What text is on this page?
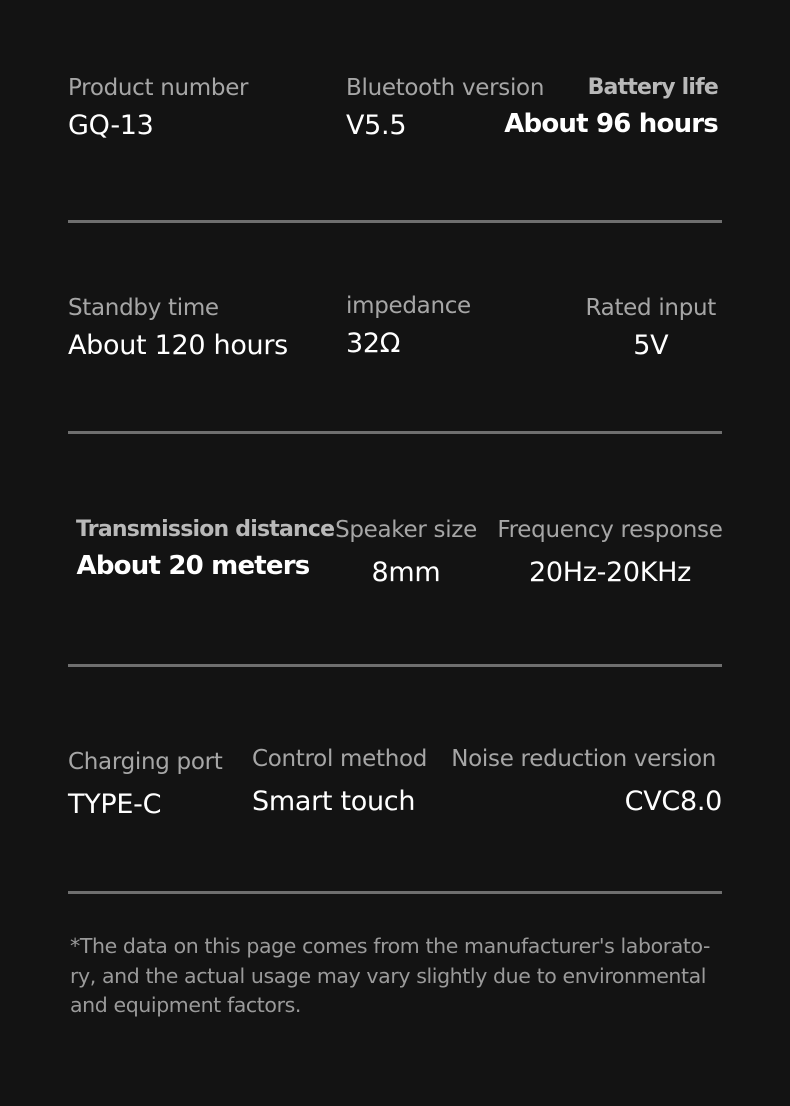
Product number
GQ-13
Bluetooth version
V5.5
Battery life
About 96 hours
Standby time
About 120 hours
impedance
32Ω
Rated input
5V
Transmission distance
About 20 meters
Speaker size
8mm
Frequency response
20Hz-20KHz
Charging port
TYPE-C
Control method
Smart touch
Noise reduction version
CVC8.0
*The data on this page comes from the manufacturer's laborato-ry, and the actual usage may vary slightly due to environmental and equipment factors.
